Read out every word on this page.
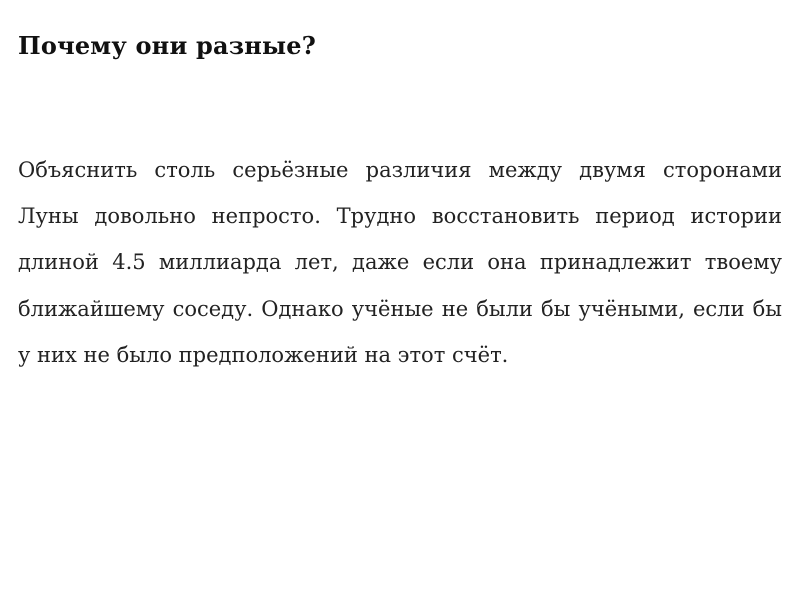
Почему они разные?

Объяснить столь серьёзные различия между двумя сторонами Луны довольно непросто. Трудно восстановить период истории длиной 4.5 миллиарда лет, даже если она принадлежит твоему ближайшему соседу. Однако учёные не были бы учёными, если бы у них не было предположений на этот счёт.
